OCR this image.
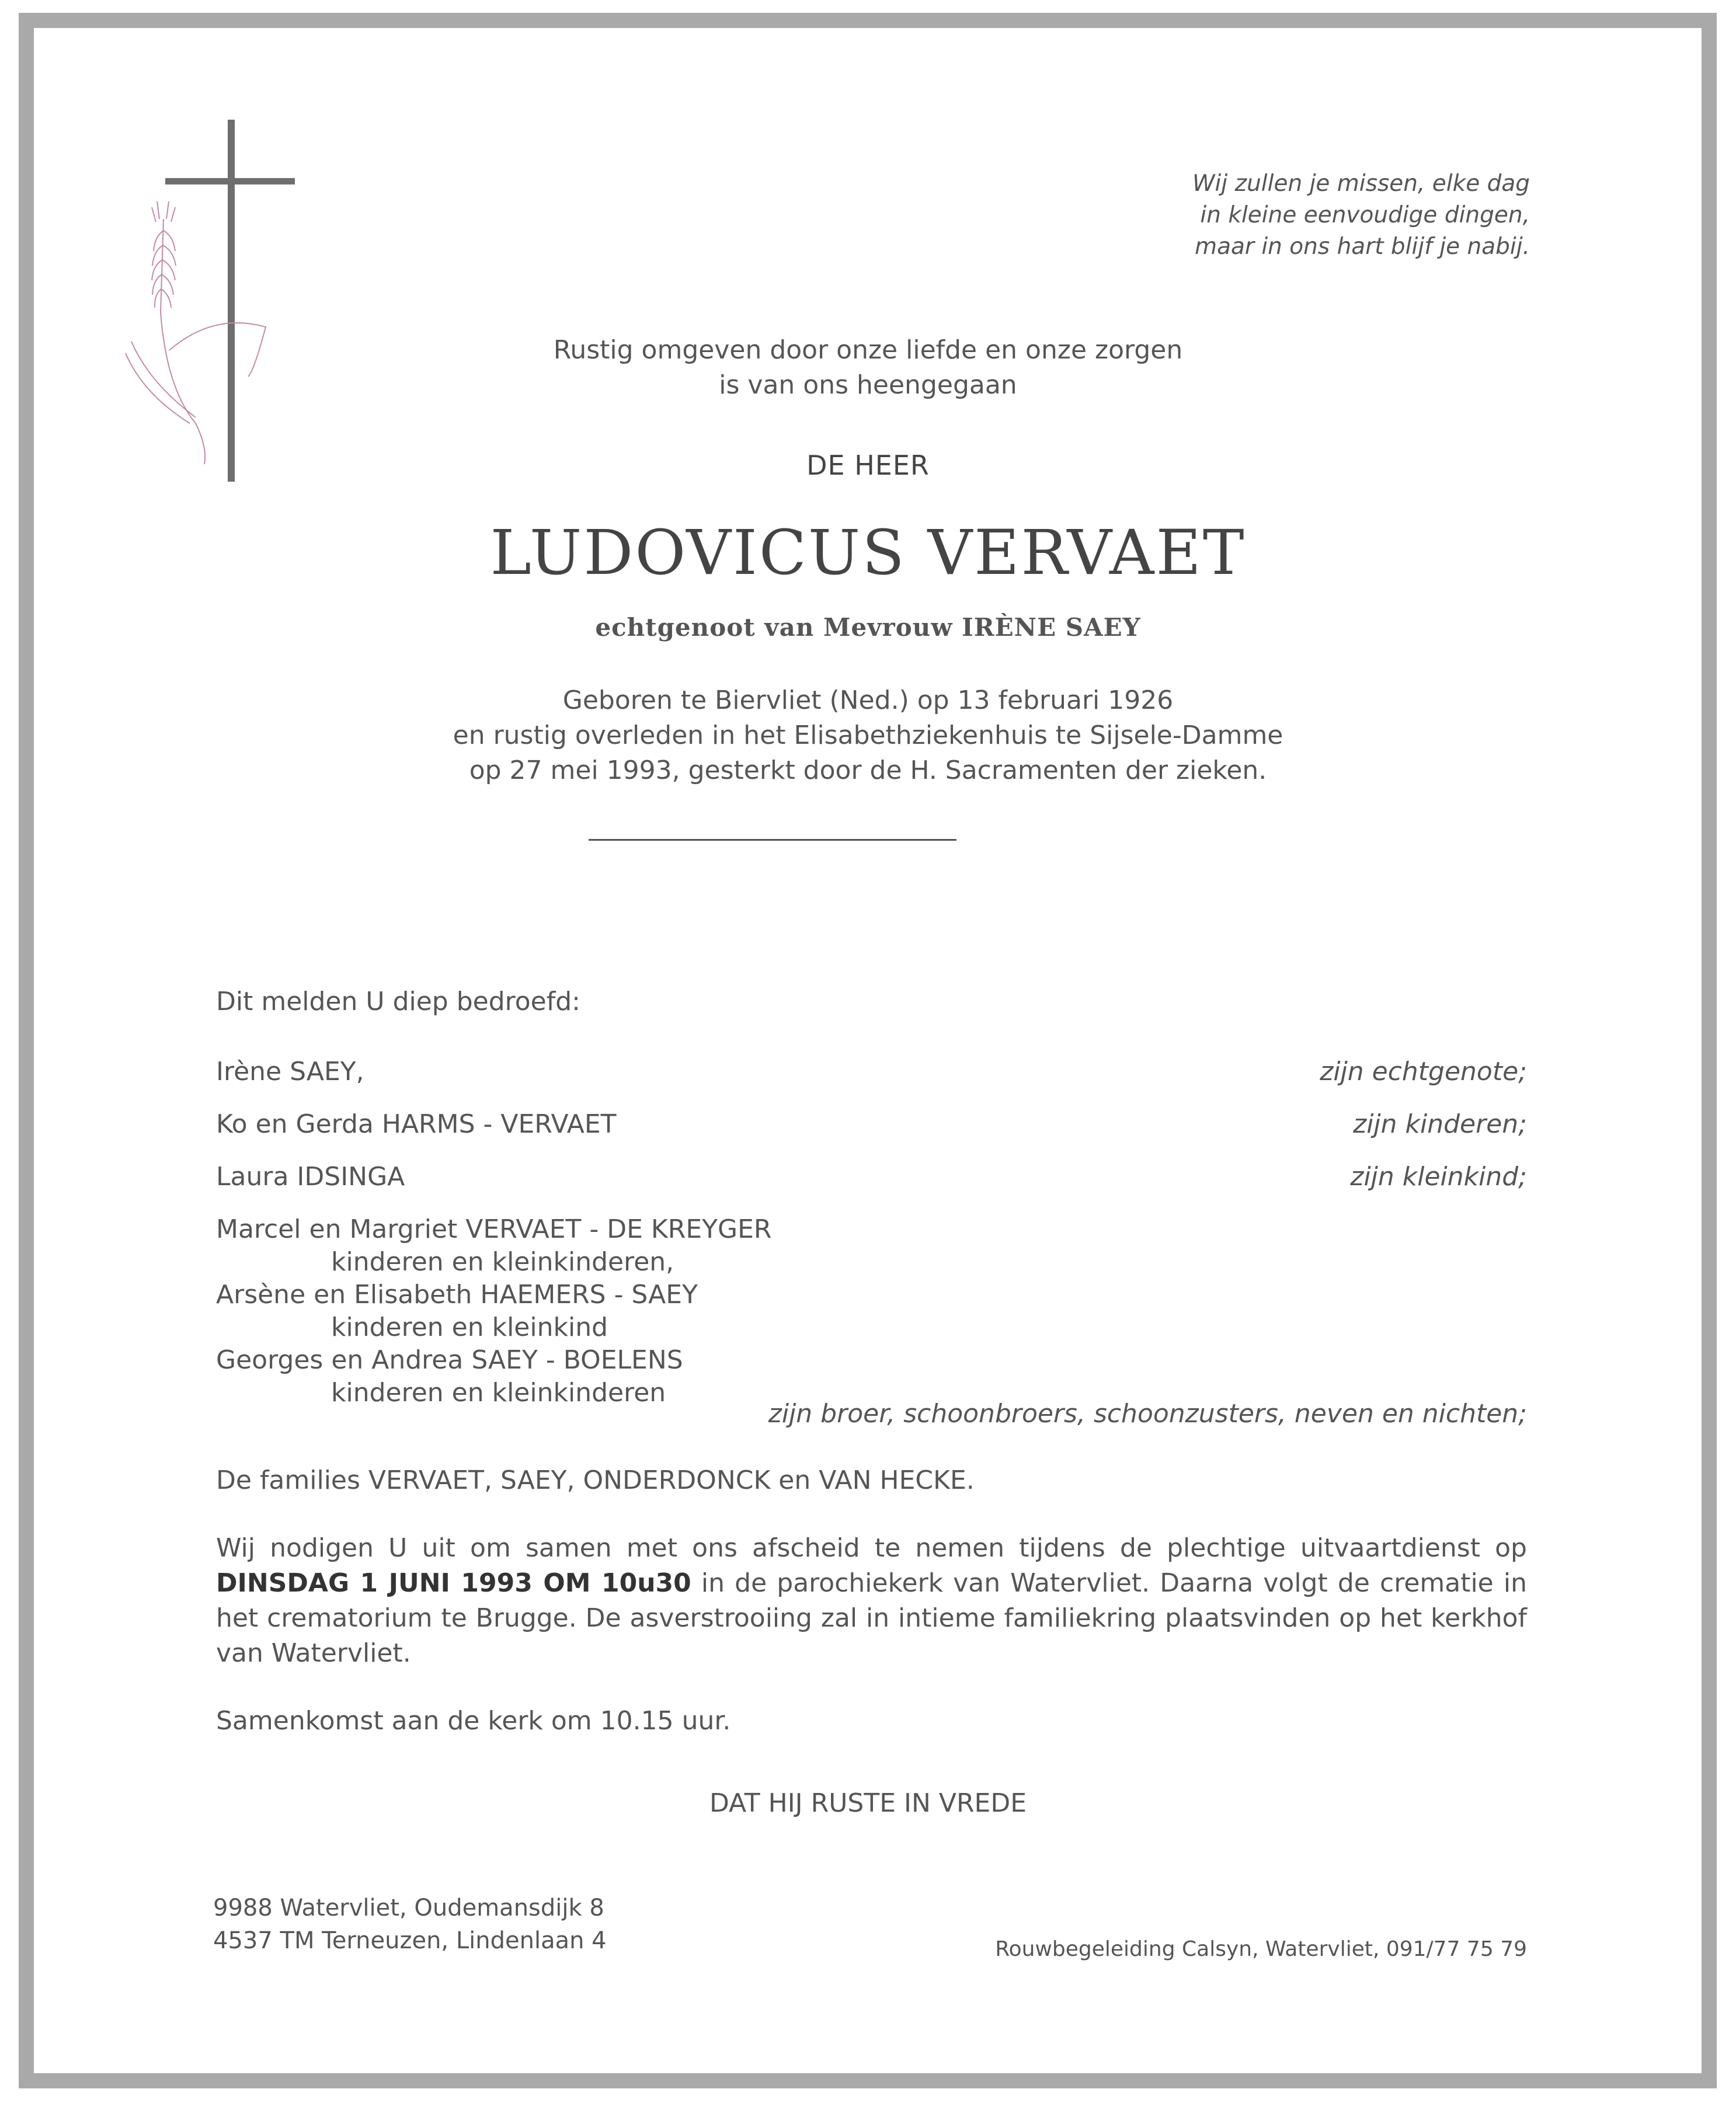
Wij zullen je missen, elke dag
in kleine eenvoudige dingen,
maar in ons hart blijf je nabij.
Rustig omgeven door onze liefde en onze zorgen
is van ons heengegaan
DE HEER
LUDOVICUS VERVAET
echtgenoot van Mevrouw IRÈNE SAEY
Geboren te Biervliet (Ned.) op 13 februari 1926
en rustig overleden in het Elisabethziekenhuis te Sijsele-Damme
op 27 mei 1993, gesterkt door de H. Sacramenten der zieken.
Dit melden U diep bedroefd:
Irène SAEY,	zijn echtgenote;
Ko en Gerda HARMS - VERVAET	zijn kinderen;
Laura IDSINGA	zijn kleinkind;
Marcel en Margriet VERVAET - DE KREYGER
kinderen en kleinkinderen,
Arsène en Elisabeth HAEMERS - SAEY
kinderen en kleinkind
Georges en Andrea SAEY - BOELENS
kinderen en kleinkinderen
zijn broer, schoonbroers, schoonzusters, neven en nichten;
De families VERVAET, SAEY, ONDERDONCK en VAN HECKE.
Wij nodigen U uit om samen met ons afscheid te nemen tijdens de plechtige uitvaartdienst op DINSDAG 1 JUNI 1993 OM 10u30 in de parochiekerk van Watervliet. Daarna volgt de crematie in het crematorium te Brugge. De asverstrooiing zal in intieme familiekring plaatsvinden op het kerkhof van Watervliet.
Samenkomst aan de kerk om 10.15 uur.
DAT HIJ RUSTE IN VREDE
9988 Watervliet, Oudemansdijk 8
4537 TM Terneuzen, Lindenlaan 4	Rouwbegeleiding Calsyn, Watervliet, 091/77 75 79
